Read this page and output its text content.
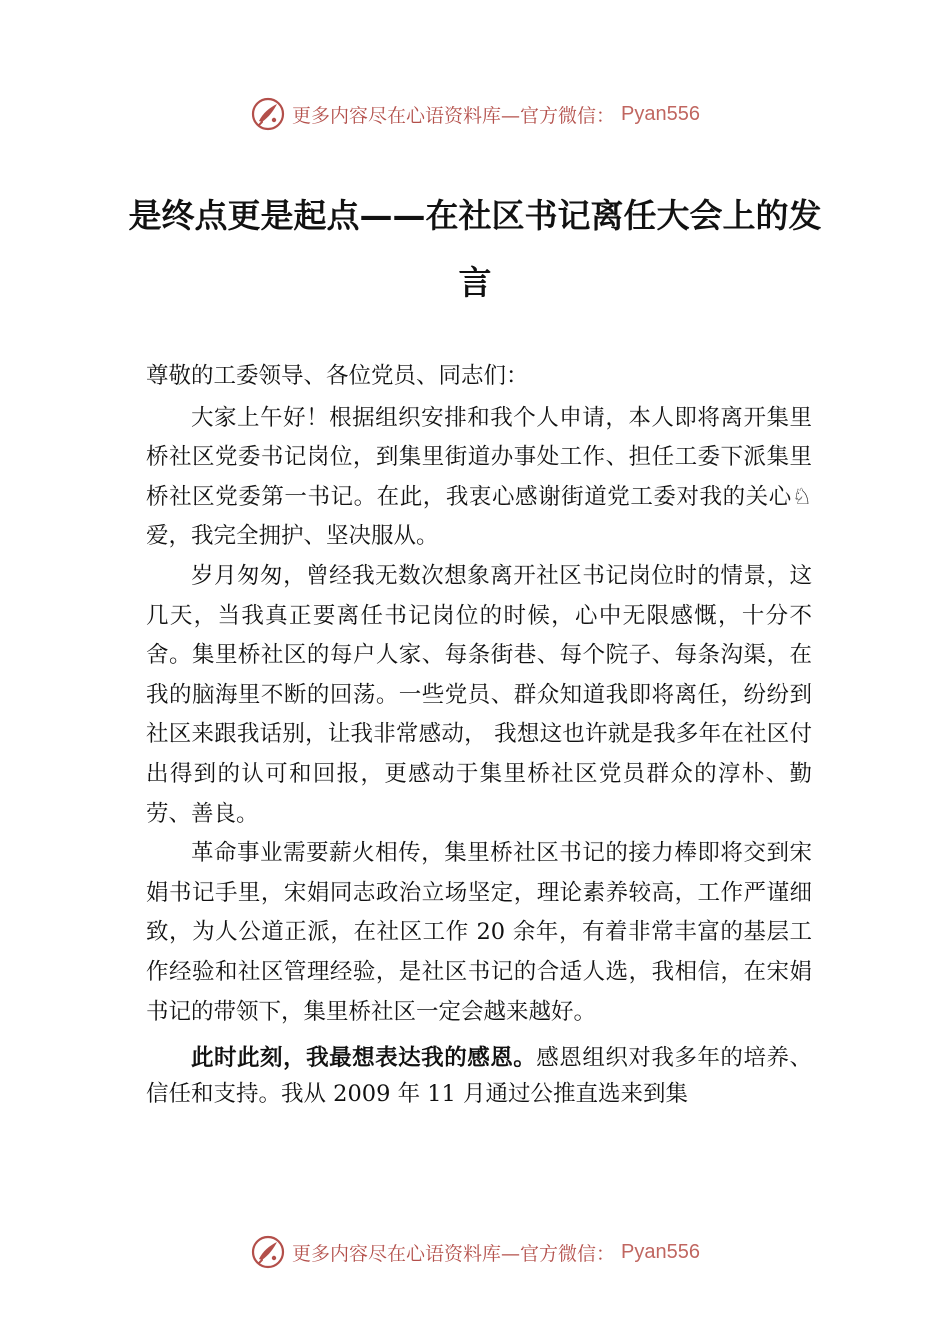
更多内容尽在心语资料库—官方微信： Pyan556
是终点更是起点——在社区书记离任大会上的发言

尊敬的工委领导、各位党员、同志们：

大家上午好！根据组织安排和我个人申请，本人即将离开集里桥社区党委书记岗位，到集里街道办事处工作、担任工委下派集里桥社区党委第一书记。在此，我衷心感谢街道党工委对我的关心♘爱，我完全拥护、坚决服从。

岁月匆匆，曾经我无数次想象离开社区书记岗位时的情景，这几天，当我真正要离任书记岗位的时候，心中无限感慨，十分不舍。集里桥社区的每户人家、每条街巷、每个院子、每条沟渠，在我的脑海里不断的回荡。一些党员、群众知道我即将离任，纷纷到社区来跟我话别，让我非常感动， 我想这也许就是我多年在社区付出得到的认可和回报，更感动于集里桥社区党员群众的淳朴、勤劳、善良。

革命事业需要薪火相传，集里桥社区书记的接力棒即将交到宋娟书记手里，宋娟同志政治立场坚定，理论素养较高，工作严谨细致，为人公道正派，在社区工作 20 余年，有着非常丰富的基层工作经验和社区管理经验，是社区书记的合适人选，我相信，在宋娟书记的带领下，集里桥社区一定会越来越好。

此时此刻，我最想表达我的感恩。感恩组织对我多年的培养、信任和支持。我从 2009 年 11 月通过公推直选来到集

更多内容尽在心语资料库—官方微信： Pyan556
